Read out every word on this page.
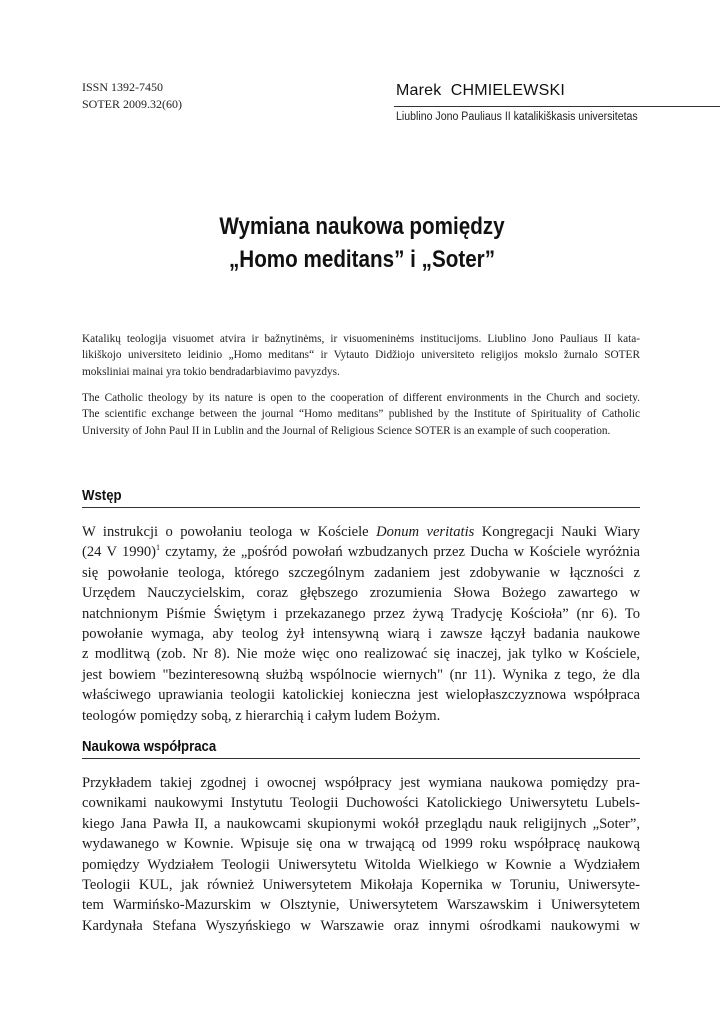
ISSN 1392-7450
SOTER 2009.32(60)
Marek CHMIELEWSKI
Liublino Jono Pauliaus II katalikiškasis universitetas
Wymiana naukowa pomiędzy
„Homo meditans” i „Soter”
Katalikų teologija visuomet atvira ir bažnytinėms, ir visuomeninėms institucijoms. Liublino Jono Pauliaus II kata-
likiškojo universiteto leidinio „Homo meditans“ ir Vytauto Didžiojo universiteto religijos mokslo žurnalo SOTER
moksliniai mainai yra tokio bendradarbiavimo pavyzdys.
The Catholic theology by its nature is open to the cooperation of different environments in the Church and society.
The scientific exchange between the journal “Homo meditans” published by the Institute of Spirituality of Catholic
University of John Paul II in Lublin and the Journal of Religious Science SOTER is an example of such cooperation.
Wstęp
W instrukcji o powołaniu teologa w Kościele Donum veritatis Kongregacji Nauki Wiary
(24 V 1990)$^1$ czytamy, że „pośród powołań wzbudzanych przez Ducha w Kościele wyróżnia
się powołanie teologa, którego szczególnym zadaniem jest zdobywanie w łączności z
Urzędem Nauczycielskim, coraz głębszego zrozumienia Słowa Bożego zawartego w
natchnionym Piśmie Świętym i przekazanego przez żywą Tradycję Kościoła” (nr 6). To
powołanie wymaga, aby teolog żył intensywną wiarą i zawsze łączył badania naukowe
z modlitwą (zob. Nr 8). Nie może więc ono realizować się inaczej, jak tylko w Kościele,
jest bowiem "bezinteresowną służbą wspólnocie wiernych" (nr 11). Wynika z tego, że dla
właściwego uprawiania teologii katolickiej konieczna jest wielopłaszczyznowa współpraca
teologów pomiędzy sobą, z hierarchią i całym ludem Bożym.
Naukowa współpraca
Przykładem takiej zgodnej i owocnej współpracy jest wymiana naukowa pomiędzy pra-
cownikami naukowymi Instytutu Teologii Duchowości Katolickiego Uniwersytetu Lubels-
kiego Jana Pawła II, a naukowcami skupionymi wokół przeglądu nauk religijnych „Soter”,
wydawanego w Kownie. Wpisuje się ona w trwającą od 1999 roku współpracę naukową
pomiędzy Wydziałem Teologii Uniwersytetu Witolda Wielkiego w Kownie a Wydziałem
Teologii KUL, jak również Uniwersytetem Mikołaja Kopernika w Toruniu, Uniwersyte-
tem Warmińsko-Mazurskim w Olsztynie, Uniwersytetem Warszawskim i Uniwersytetem
Kardynała Stefana Wyszyńskiego w Warszawie oraz innymi ośrodkami naukowymi w
